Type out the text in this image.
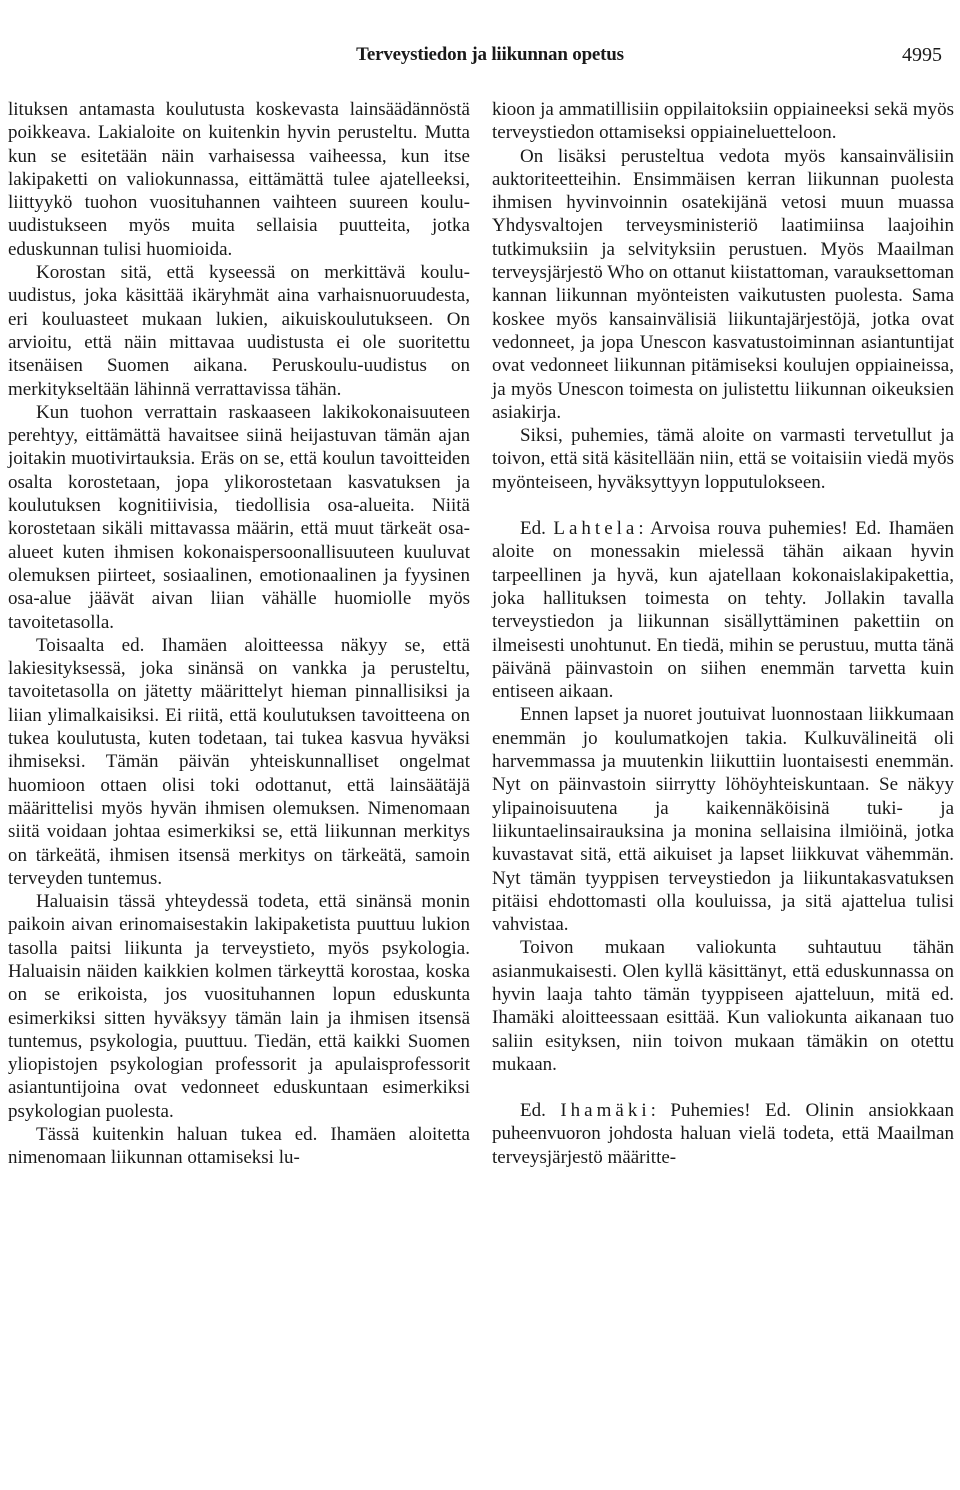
Terveystiedon ja liikunnan opetus	4995

lituksen antamasta koulutusta koskevasta lainsäädännöstä poikkeava. Lakialoite on kuitenkin hyvin perusteltu. Mutta kun se esitetään näin varhaisessa vaiheessa, kun itse lakipaketti on valiokunnassa, eittämättä tulee ajatelleeksi, liittyykö tuohon vuosituhannen vaihteen suureen koulu-uudistukseen myös muita sellaisia puutteita, jotka eduskunnan tulisi huomioida.

Korostan sitä, että kyseessä on merkittävä koulu-uudistus, joka käsittää ikäryhmät aina varhaisnuoruudesta, eri kouluasteet mukaan lukien, aikuiskoulutukseen. On arvioitu, että näin mittavaa uudistusta ei ole suoritettu itsenäisen Suomen aikana. Peruskoulu-uudistus on merkitykseltään lähinnä verrattavissa tähän.

Kun tuohon verrattain raskaaseen lakikokonaisuuteen perehtyy, eittämättä havaitsee siinä heijastuvan tämän ajan joitakin muotivirtauksia. Eräs on se, että koulun tavoitteiden osalta korostetaan, jopa ylikorostetaan kasvatuksen ja koulutuksen kognitiivisia, tiedollisia osa-alueita. Niitä korostetaan sikäli mittavassa määrin, että muut tärkeät osa-alueet kuten ihmisen kokonaispersoonallisuuteen kuuluvat olemuksen piirteet, sosiaalinen, emotionaalinen ja fyysinen osa-alue jäävät aivan liian vähälle huomiolle myös tavoitetasolla.

Toisaalta ed. Ihamäen aloitteessa näkyy se, että lakiesityksessä, joka sinänsä on vankka ja perusteltu, tavoitetasolla on jätetty määrittelyt hieman pinnallisiksi ja liian ylimalkaisiksi. Ei riitä, että koulutuksen tavoitteena on tukea koulutusta, kuten todetaan, tai tukea kasvua hyväksi ihmiseksi. Tämän päivän yhteiskunnalliset ongelmat huomioon ottaen olisi toki odottanut, että lainsäätäjä määrittelisi myös hyvän ihmisen olemuksen. Nimenomaan siitä voidaan johtaa esimerkiksi se, että liikunnan merkitys on tärkeätä, ihmisen itsensä merkitys on tärkeätä, samoin terveyden tuntemus.

Haluaisin tässä yhteydessä todeta, että sinänsä monin paikoin aivan erinomaisestakin lakipaketista puuttuu lukion tasolla paitsi liikunta ja terveystieto, myös psykologia. Haluaisin näiden kaikkien kolmen tärkeyttä korostaa, koska on se erikoista, jos vuosituhannen lopun eduskunta esimerkiksi sitten hyväksyy tämän lain ja ihmisen itsensä tuntemus, psykologia, puuttuu. Tiedän, että kaikki Suomen yliopistojen psykologian professorit ja apulaisprofessorit asiantuntijoina ovat vedonneet eduskuntaan esimerkiksi psykologian puolesta.

Tässä kuitenkin haluan tukea ed. Ihamäen aloitetta nimenomaan liikunnan ottamiseksi lu-

kioon ja ammatillisiin oppilaitoksiin oppiaineeksi sekä myös terveystiedon ottamiseksi oppiaineluetteloon.

On lisäksi perusteltua vedota myös kansainvälisiin auktoriteetteihin. Ensimmäisen kerran liikunnan puolesta ihmisen hyvinvoinnin osatekijänä vetosi muun muassa Yhdysvaltojen terveysministeriö laatimiinsa laajoihin tutkimuksiin ja selvityksiin perustuen. Myös Maailman terveysjärjestö Who on ottanut kiistattoman, varauksettoman kannan liikunnan myönteisten vaikutusten puolesta. Sama koskee myös kansainvälisiä liikuntajärjestöjä, jotka ovat vedonneet, ja jopa Unescon kasvatustoiminnan asiantuntijat ovat vedonneet liikunnan pitämiseksi koulujen oppiaineissa, ja myös Unescon toimesta on julistettu liikunnan oikeuksien asiakirja.

Siksi, puhemies, tämä aloite on varmasti tervetullut ja toivon, että sitä käsitellään niin, että se voitaisiin viedä myös myönteiseen, hyväksyttyyn lopputulokseen.

Ed. Lahtela: Arvoisa rouva puhemies! Ed. Ihamäen aloite on monessakin mielessä tähän aikaan hyvin tarpeellinen ja hyvä, kun ajatellaan kokonaislakipakettia, joka hallituksen toimesta on tehty. Jollakin tavalla terveystiedon ja liikunnan sisällyttäminen pakettiin on ilmeisesti unohtunut. En tiedä, mihin se perustuu, mutta tänä päivänä päinvastoin on siihen enemmän tarvetta kuin entiseen aikaan.

Ennen lapset ja nuoret joutuivat luonnostaan liikkumaan enemmän jo koulumatkojen takia. Kulkuvälineitä oli harvemmassa ja muutenkin liikuttiin luontaisesti enemmän. Nyt on päinvastoin siirrytty löhöyhteiskuntaan. Se näkyy ylipainoisuutena ja kaikennäköisinä tuki- ja liikuntaelinsairauksina ja monina sellaisina ilmiöinä, jotka kuvastavat sitä, että aikuiset ja lapset liikkuvat vähemmän. Nyt tämän tyyppisen terveystiedon ja liikuntakasvatuksen pitäisi ehdottomasti olla kouluissa, ja sitä ajattelua tulisi vahvistaa.

Toivon mukaan valiokunta suhtautuu tähän asianmukaisesti. Olen kyllä käsittänyt, että eduskunnassa on hyvin laaja tahto tämän tyyppiseen ajatteluun, mitä ed. Ihamäki aloitteessaan esittää. Kun valiokunta aikanaan tuo saliin esityksen, niin toivon mukaan tämäkin on otettu mukaan.

Ed. Ihamäki: Puhemies! Ed. Olinin ansiokkaan puheenvuoron johdosta haluan vielä todeta, että Maailman terveysjärjestö määritte-
